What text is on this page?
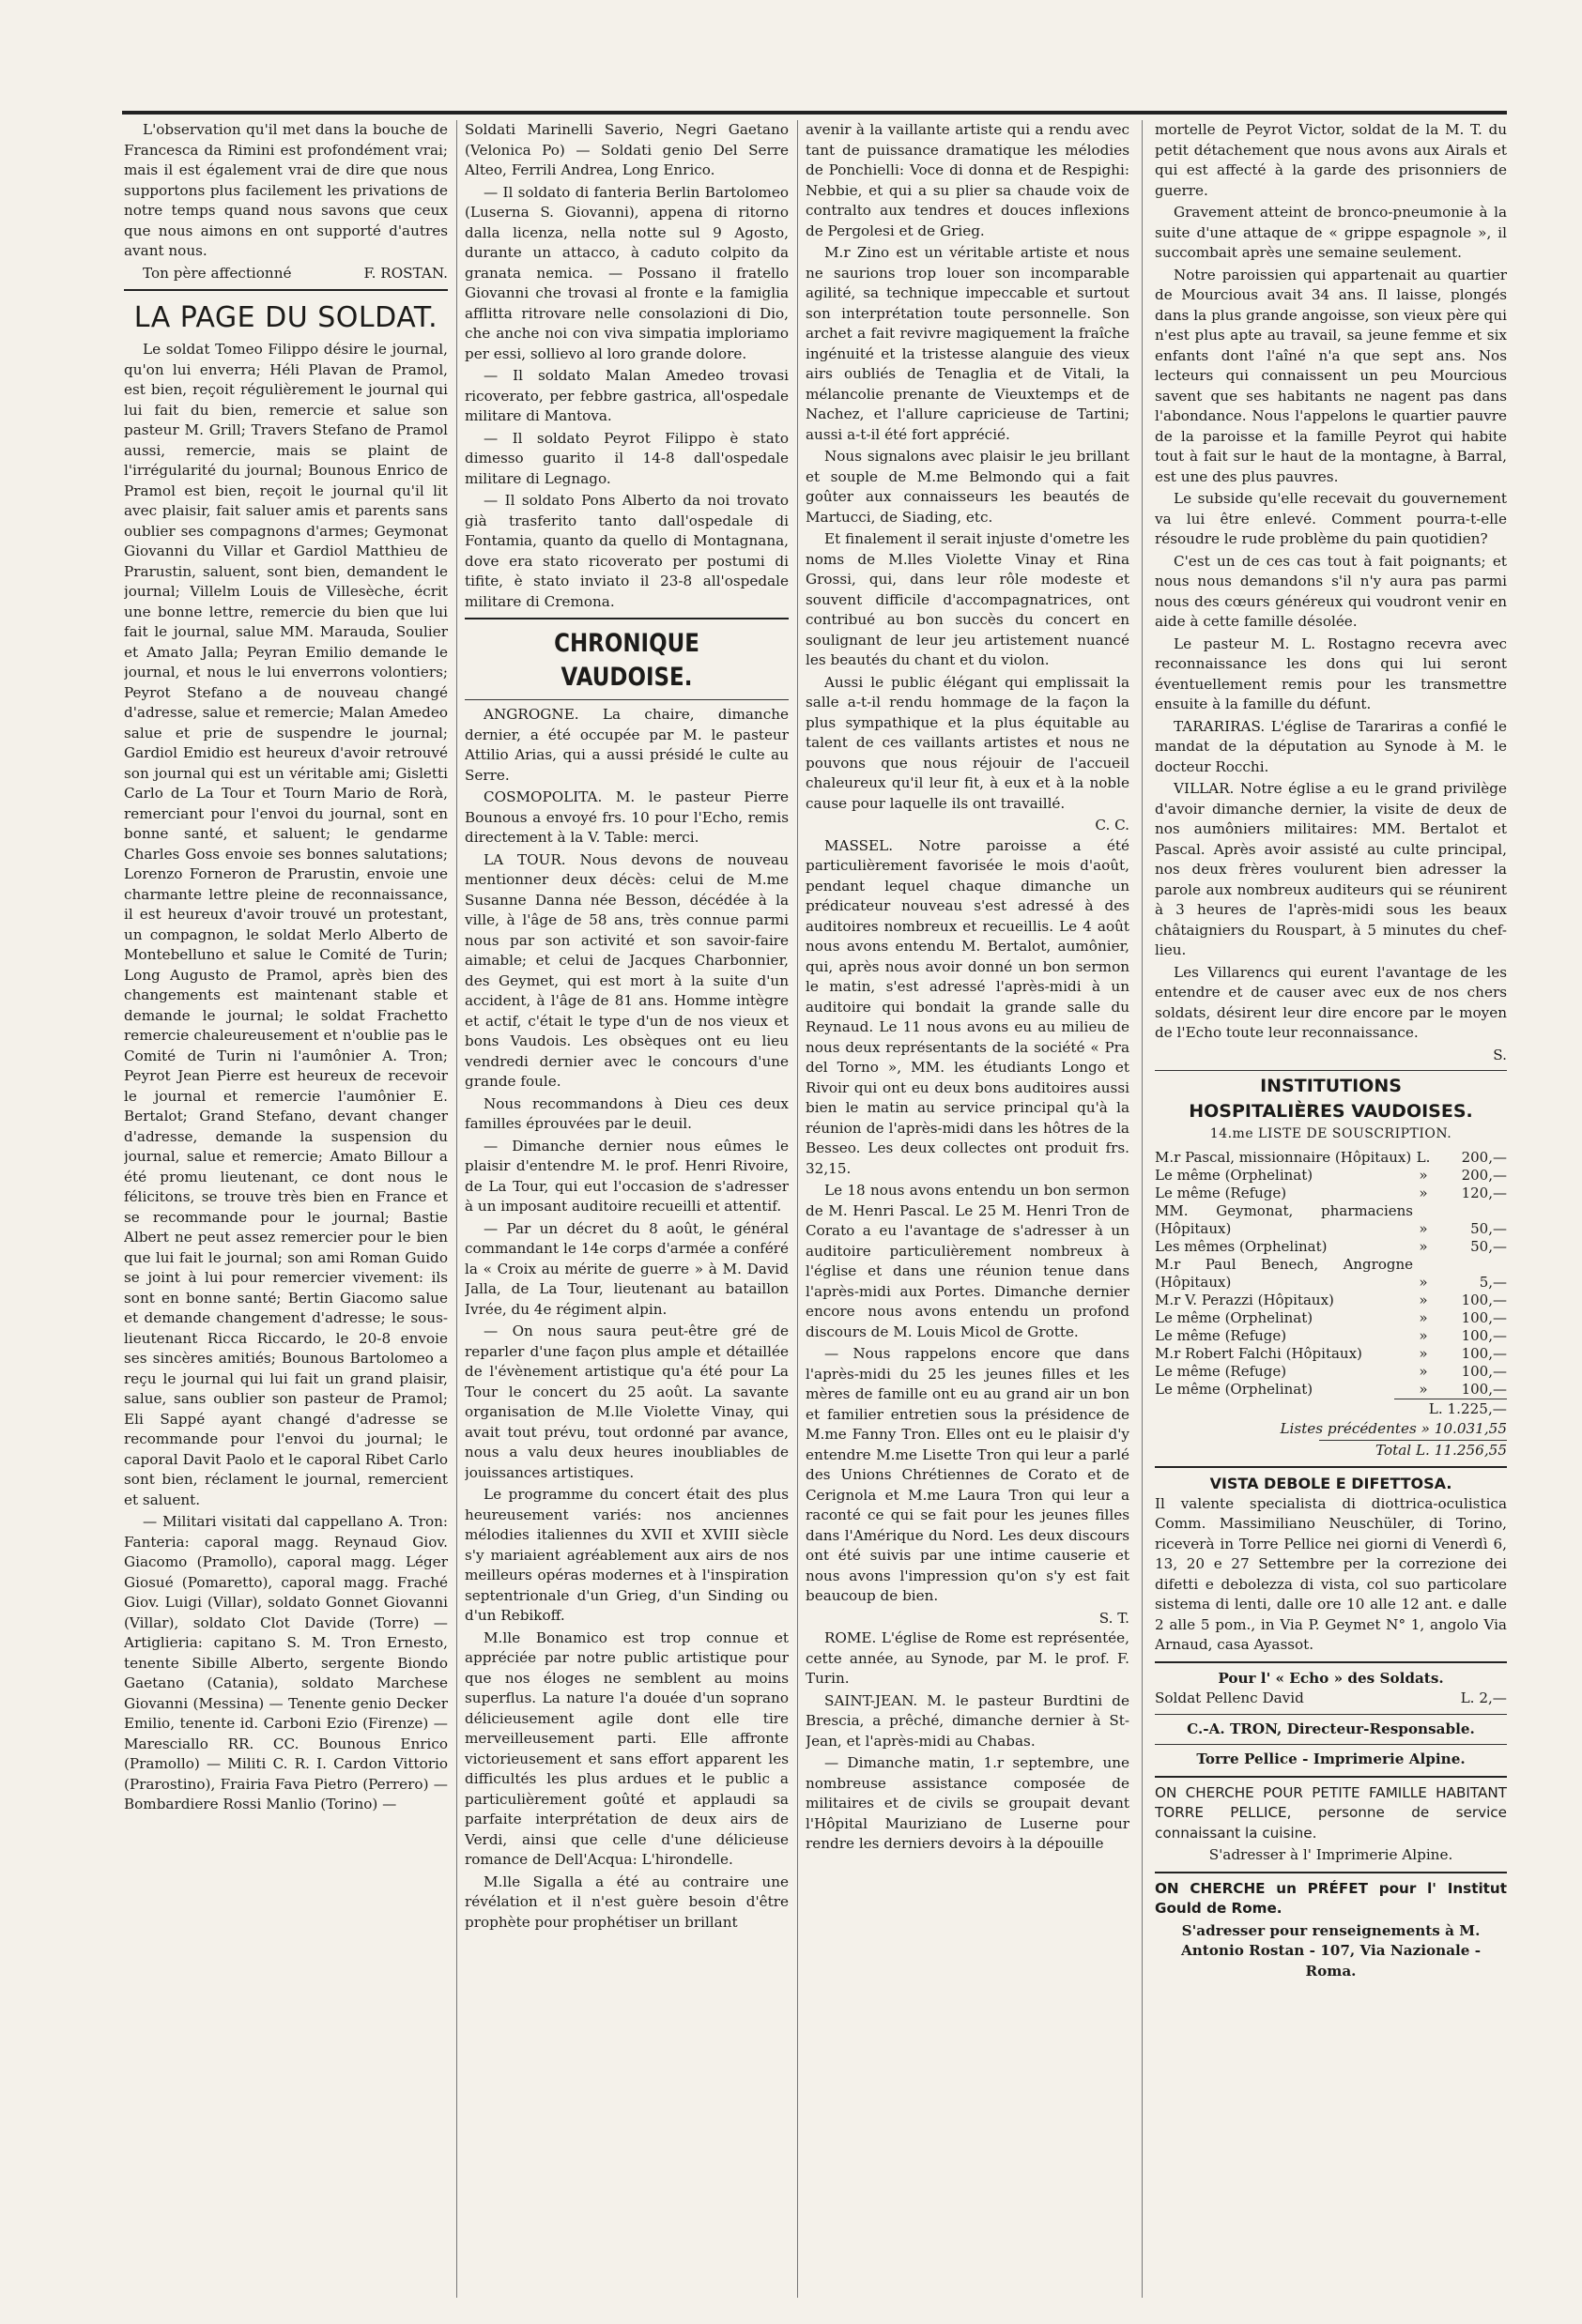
L'observation qu'il met dans la bouche de Francesca da Rimini est profondément vrai; mais il est également vrai de dire que nous supportons plus facilement les privations de notre temps quand nous savons que ceux que nous aimons en ont supporté d'autres avant nous.

Ton père affectionné	F. ROSTAN.
LA PAGE DU SOLDAT.

Le soldat Tomeo Filippo désire le journal, qu'on lui enverra; Héli Plavan de Pramol, est bien, reçoit régulièrement le journal qui lui fait du bien, remercie et salue son pasteur M. Grill; Travers Stefano de Pramol aussi, remercie, mais se plaint de l'irrégularité du journal; Bounous Enrico de Pramol est bien, reçoit le journal qu'il lit avec plaisir, fait saluer amis et parents sans oublier ses compagnons d'armes; Geymonat Giovanni du Villar et Gardiol Matthieu de Prarustin, saluent, sont bien, demandent le journal; Villelm Louis de Villesèche, écrit une bonne lettre, remercie du bien que lui fait le journal, salue MM. Marauda, Soulier et Amato Jalla; Peyran Emilio demande le journal, et nous le lui enverrons volontiers; Peyrot Stefano a de nouveau changé d'adresse, salue et remercie; Malan Amedeo salue et prie de suspendre le journal; Gardiol Emidio est heureux d'avoir retrouvé son journal qui est un véritable ami; Gisletti Carlo de La Tour et Tourn Mario de Rorà, remerciant pour l'envoi du journal, sont en bonne santé, et saluent; le gendarme Charles Goss envoie ses bonnes salutations; Lorenzo Forneron de Prarustin, envoie une charmante lettre pleine de reconnaissance, il est heureux d'avoir trouvé un protestant, un compagnon, le soldat Merlo Alberto de Montebelluno et salue le Comité de Turin; Long Augusto de Pramol, après bien des changements est maintenant stable et demande le journal; le soldat Frachetto remercie chaleureusement et n'oublie pas le Comité de Turin ni l'aumônier A. Tron; Peyrot Jean Pierre est heureux de recevoir le journal et remercie l'aumônier E. Bertalot; Grand Stefano, devant changer d'adresse, demande la suspension du journal, salue et remercie; Amato Billour a été promu lieutenant, ce dont nous le félicitons, se trouve très bien en France et se recommande pour le journal; Bastie Albert ne peut assez remercier pour le bien que lui fait le journal; son ami Roman Guido se joint à lui pour remercier vivement: ils sont en bonne santé; Bertin Giacomo salue et demande changement d'adresse; le sous-lieutenant Ricca Riccardo, le 20-8 envoie ses sincères amitiés; Bounous Bartolomeo a reçu le journal qui lui fait un grand plaisir, salue, sans oublier son pasteur de Pramol; Eli Sappé ayant changé d'adresse se recommande pour l'envoi du journal; le caporal Davit Paolo et le caporal Ribet Carlo sont bien, réclament le journal, remercient et saluent.

— Militari visitati dal cappellano A. Tron: Fanteria: caporal magg. Reynaud Giov. Giacomo (Pramollo), caporal magg. Léger Giosué (Pomaretto), caporal magg. Fraché Giov. Luigi (Villar), soldato Gonnet Giovanni (Villar), soldato Clot Davide (Torre) — Artiglieria: capitano S. M. Tron Ernesto, tenente Sibille Alberto, sergente Biondo Gaetano (Catania), soldato Marchese Giovanni (Messina) — Tenente genio Decker Emilio, tenente id. Carboni Ezio (Firenze) — Maresciallo RR. CC. Bounous Enrico (Pramollo) — Militi C. R. I. Cardon Vittorio (Prarostino), Frairia Fava Pietro (Perrero) — Bombardiere Rossi Manlio (Torino) —

Soldati Marinelli Saverio, Negri Gaetano (Velonica Po) — Soldati genio Del Serre Alteo, Ferrili Andrea, Long Enrico.

— Il soldato di fanteria Berlin Bartolomeo (Luserna S. Giovanni), appena di ritorno dalla licenza, nella notte sul 9 Agosto, durante un attacco, à caduto colpito da granata nemica. — Possano il fratello Giovanni che trovasi al fronte e la famiglia afflitta ritrovare nelle consolazioni di Dio, che anche noi con viva simpatia imploriamo per essi, sollievo al loro grande dolore.

— Il soldato Malan Amedeo trovasi ricoverato, per febbre gastrica, all'ospedale militare di Mantova.

— Il soldato Peyrot Filippo è stato dimesso guarito il 14-8 dall'ospedale militare di Legnago.

— Il soldato Pons Alberto da noi trovato già trasferito tanto dall'ospedale di Fontamia, quanto da quello di Montagnana, dove era stato ricoverato per postumi di tifite, è stato inviato il 23-8 all'ospedale militare di Cremona.

CHRONIQUE VAUDOISE.

ANGROGNE. La chaire, dimanche dernier, a été occupée par M. le pasteur Attilio Arias, qui a aussi présidé le culte au Serre.

COSMOPOLITA. M. le pasteur Pierre Bounous a envoyé frs. 10 pour l'Echo, remis directement à la V. Table: merci.

LA TOUR. Nous devons de nouveau mentionner deux décès: celui de M.me Susanne Danna née Besson, décédée à la ville, à l'âge de 58 ans, très connue parmi nous par son activité et son savoir-faire aimable; et celui de Jacques Charbonnier, des Geymet, qui est mort à la suite d'un accident, à l'âge de 81 ans. Homme intègre et actif, c'était le type d'un de nos vieux et bons Vaudois. Les obsèques ont eu lieu vendredi dernier avec le concours d'une grande foule.

Nous recommandons à Dieu ces deux familles éprouvées par le deuil.

— Dimanche dernier nous eûmes le plaisir d'entendre M. le prof. Henri Rivoire, de La Tour, qui eut l'occasion de s'adresser à un imposant auditoire recueilli et attentif.

— Par un décret du 8 août, le général commandant le 14e corps d'armée a conféré la « Croix au mérite de guerre » à M. David Jalla, de La Tour, lieutenant au bataillon Ivrée, du 4e régiment alpin.

— On nous saura peut-être gré de reparler d'une façon plus ample et détaillée de l'évènement artistique qu'a été pour La Tour le concert du 25 août. La savante organisation de M.lle Violette Vinay, qui avait tout prévu, tout ordonné par avance, nous a valu deux heures inoubliables de jouissances artistiques.

Le programme du concert était des plus heureusement variés: nos anciennes mélodies italiennes du XVII et XVIII siècle s'y mariaient agréablement aux airs de nos meilleurs opéras modernes et à l'inspiration septentrionale d'un Grieg, d'un Sinding ou d'un Rebikoff.

M.lle Bonamico est trop connue et appréciée par notre public artistique pour que nos éloges ne semblent au moins superflus. La nature l'a douée d'un soprano délicieusement agile dont elle tire merveilleusement parti. Elle affronte victorieusement et sans effort apparent les difficultés les plus ardues et le public a particulièrement goûté et applaudi sa parfaite interprétation de deux airs de Verdi, ainsi que celle d'une délicieuse romance de Dell'Acqua: L'hirondelle.

M.lle Sigalla a été au contraire une révélation et il n'est guère besoin d'être prophète pour prophétiser un brillant

avenir à la vaillante artiste qui a rendu avec tant de puissance dramatique les mélodies de Ponchielli: Voce di donna et de Respighi: Nebbie, et qui a su plier sa chaude voix de contralto aux tendres et douces inflexions de Pergolesi et de Grieg.

M.r Zino est un véritable artiste et nous ne saurions trop louer son incomparable agilité, sa technique impeccable et surtout son interprétation toute personnelle. Son archet a fait revivre magiquement la fraîche ingénuité et la tristesse alanguie des vieux airs oubliés de Tenaglia et de Vitali, la mélancolie prenante de Vieuxtemps et de Nachez, et l'allure capricieuse de Tartini; aussi a-t-il été fort apprécié.

Nous signalons avec plaisir le jeu brillant et souple de M.me Belmondo qui a fait goûter aux connaisseurs les beautés de Martucci, de Siading, etc.

Et finalement il serait injuste d'ometre les noms de M.lles Violette Vinay et Rina Grossi, qui, dans leur rôle modeste et souvent difficile d'accompagnatrices, ont contribué au bon succès du concert en soulignant de leur jeu artistement nuancé les beautés du chant et du violon.

Aussi le public élégant qui emplissait la salle a-t-il rendu hommage de la façon la plus sympathique et la plus équitable au talent de ces vaillants artistes et nous ne pouvons que nous réjouir de l'accueil chaleureux qu'il leur fit, à eux et à la noble cause pour laquelle ils ont travaillé.

C. C.

MASSEL. Notre paroisse a été particulièrement favorisée le mois d'août, pendant lequel chaque dimanche un prédicateur nouveau s'est adressé à des auditoires nombreux et recueillis. Le 4 août nous avons entendu M. Bertalot, aumônier, qui, après nous avoir donné un bon sermon le matin, s'est adressé l'après-midi à un auditoire qui bondait la grande salle du Reynaud. Le 11 nous avons eu au milieu de nous deux représentants de la société « Pra del Torno », MM. les étudiants Longo et Rivoir qui ont eu deux bons auditoires aussi bien le matin au service principal qu'à la réunion de l'après-midi dans les hôtres de la Besseo. Les deux collectes ont produit frs. 32,15.

Le 18 nous avons entendu un bon sermon de M. Henri Pascal. Le 25 M. Henri Tron de Corato a eu l'avantage de s'adresser à un auditoire particulièrement nombreux à l'église et dans une réunion tenue dans l'après-midi aux Portes. Dimanche dernier encore nous avons entendu un profond discours de M. Louis Micol de Grotte.

— Nous rappelons encore que dans l'après-midi du 25 les jeunes filles et les mères de famille ont eu au grand air un bon et familier entretien sous la présidence de M.me Fanny Tron. Elles ont eu le plaisir d'y entendre M.me Lisette Tron qui leur a parlé des Unions Chrétiennes de Corato et de Cerignola et M.me Laura Tron qui leur a raconté ce qui se fait pour les jeunes filles dans l'Amérique du Nord. Les deux discours ont été suivis par une intime causerie et nous avons l'impression qu'on s'y est fait beaucoup de bien.

S. T.

ROME. L'église de Rome est représentée, cette année, au Synode, par M. le prof. F. Turin.

SAINT-JEAN. M. le pasteur Burdtini de Brescia, a prêché, dimanche dernier à St-Jean, et l'après-midi au Chabas.

— Dimanche matin, 1.r septembre, une nombreuse assistance composée de militaires et de civils se groupait devant l'Hôpital Mauriziano de Luserne pour rendre les derniers devoirs à la dépouille

mortelle de Peyrot Victor, soldat de la M. T. du petit détachement que nous avons aux Airals et qui est affecté à la garde des prisonniers de guerre.

Gravement atteint de bronco-pneumonie à la suite d'une attaque de « grippe espagnole », il succombait après une semaine seulement.

Notre paroissien qui appartenait au quartier de Mourcious avait 34 ans. Il laisse, plongés dans la plus grande angoisse, son vieux père qui n'est plus apte au travail, sa jeune femme et six enfants dont l'aîné n'a que sept ans. Nos lecteurs qui connaissent un peu Mourcious savent que ses habitants ne nagent pas dans l'abondance. Nous l'appelons le quartier pauvre de la paroisse et la famille Peyrot qui habite tout à fait sur le haut de la montagne, à Barral, est une des plus pauvres.

Le subside qu'elle recevait du gouvernement va lui être enlevé. Comment pourra-t-elle résoudre le rude problème du pain quotidien?

C'est un de ces cas tout à fait poignants; et nous nous demandons s'il n'y aura pas parmi nous des cœurs généreux qui voudront venir en aide à cette famille désolée.

Le pasteur M. L. Rostagno recevra avec reconnaissance les dons qui lui seront éventuellement remis pour les transmettre ensuite à la famille du défunt.

TARARIRAS. L'église de Tarariras a confié le mandat de la députation au Synode à M. le docteur Rocchi.

VILLAR. Notre église a eu le grand privilège d'avoir dimanche dernier, la visite de deux de nos aumôniers militaires: MM. Bertalot et Pascal. Après avoir assisté au culte principal, nos deux frères voulurent bien adresser la parole aux nombreux auditeurs qui se réunirent à 3 heures de l'après-midi sous les beaux châtaigniers du Rouspart, à 5 minutes du chef-lieu.

Les Villarencs qui eurent l'avantage de les entendre et de causer avec eux de nos chers soldats, désirent leur dire encore par le moyen de l'Echo toute leur reconnaissance.

S.
INSTITUTIONS
HOSPITALIÈRES VAUDOISES.
14.me LISTE DE SOUSCRIPTION.
M.r Pascal, missionnaire (Hôpitaux)	L.	200,—
Le même (Orphelinat)	»	200,—
Le même (Refuge)	»	120,—
MM. Geymonat, pharmaciens (Hôpitaux)	»	50,—
Les mêmes (Orphelinat)	»	50,—
M.r Paul Benech, Angrogne (Hôpitaux)	»	5,—
M.r V. Perazzi (Hôpitaux)	»	100,—
Le même (Orphelinat)	»	100,—
Le même (Refuge)	»	100,—
M.r Robert Falchi (Hôpitaux)	»	100,—
Le même (Refuge)	»	100,—
Le même (Orphelinat)	»	100,—
L. 1.225,—
Listes précédentes » 10.031,55
Total L. 11.256,55
VISTA DEBOLE E DIFETTOSA.

Il valente specialista di diottrica-oculistica Comm. Massimiliano Neuschüler, di Torino, riceverà in Torre Pellice nei giorni di Venerdì 6, 13, 20 e 27 Settembre per la correzione dei difetti e debolezza di vista, col suo particolare sistema di lenti, dalle ore 10 alle 12 ant. e dalle 2 alle 5 pom., in Via P. Geymet N° 1, angolo Via Arnaud, casa Ayassot.

Pour l' « Echo » des Soldats.
Soldat Pellenc David	L. 2,—
C.-A. TRON, Directeur-Responsable.
Torre Pellice - Imprimerie Alpine.

ON CHERCHE POUR PETITE FAMILLE HABITANT TORRE PELLICE, personne de service connaissant la cuisine.

S'adresser à l' Imprimerie Alpine.

ON CHERCHE un PRÉFET pour l' Institut Gould de Rome.

S'adresser pour renseignements à M. Antonio Rostan - 107, Via Nazionale - Roma.
